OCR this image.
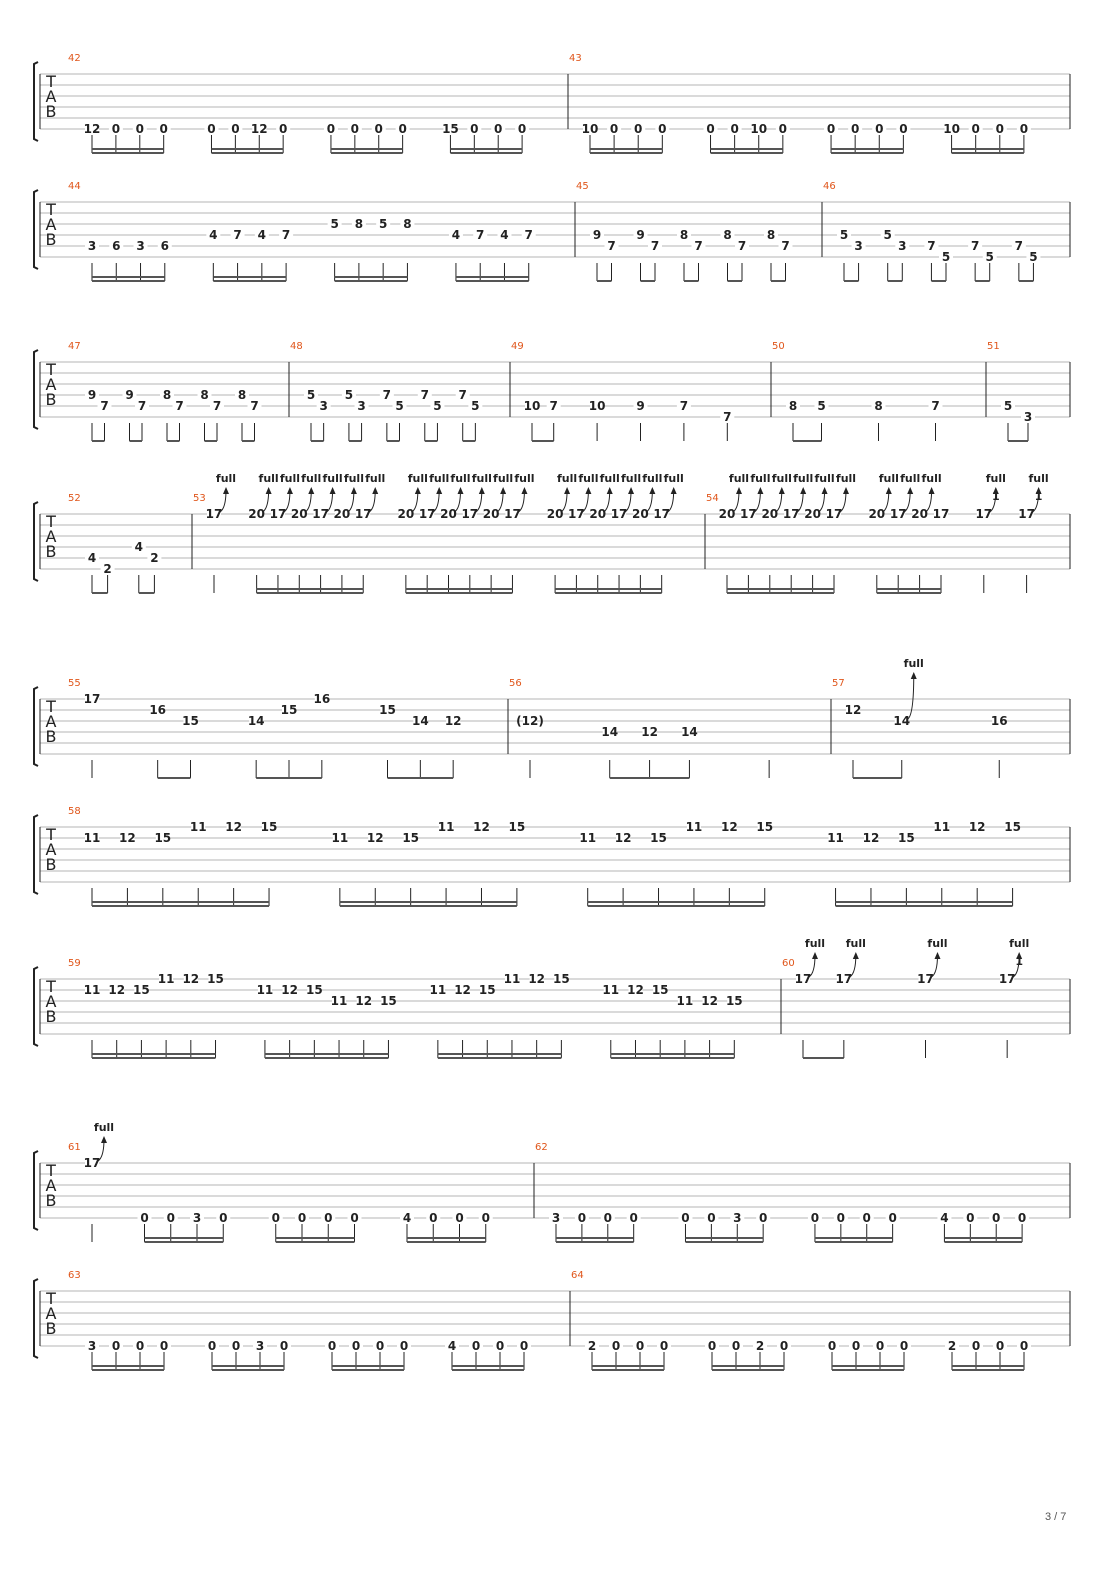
T
A
B
42
12 0 0 0	0 0 12 0	0 0 0 0	15 0 0 0
43
10 0 0 0	0 0 10 0	0 0 0 0	10 0 0 0
T
A
B
44
3 6 3 6
4 7 4 7
5 8 5 8
4 7 4 7
45
9
7
9
7
8
7
8
7
8
7
46
5
3
5
3 7
5
7
5
7
5
T
A
B
47
9
7
9
7
8
7
8
7
8
7
48
5
3
5
3
7
5
7
5
7
5
49
10 7	10	9	7
7
50
8 5	8	7
51
5
3
T
A
B
52
4
2
4
2
53
17
full
20
full
17
full
20
full
17
full
20
full
17
full
20
full
17
full
20
full
17
full
20
full
17
full
20
full
17
full
20
full
17
full
20
full
17
full
54
20
full
17
full
20
full
17
full
20
full
17
full
20
full
17
full
20
full
17 17
full
1
17
full
1
T
A
B
55
17
16
15	14
15
16
15
14 12
56
(12)
14 12 14
57
12
14
full
16
T
A
B
58
11 12 15
11 12 15
11 12 15
11 12 15
11 12 15
11 12 15
11 12 15
11 12 15
T
A
B
59
11 12 15
11 12 15
11 12 15
11 12 15
11 12 15
11 12 15
11 12 15
11 12 15
60
17
full
17
full
17
full
17
full
1
T
A
B
61
17
full
0 0 3 0	0 0 0 0	4 0 0 0
62
3 0 0 0	0 0 3 0	0 0 0 0	4 0 0 0
T
A
B
63
3 0 0 0	0 0 3 0	0 0 0 0	4 0 0 0
64
2 0 0 0	0 0 2 0	0 0 0 0	2 0 0 0
3 / 7
